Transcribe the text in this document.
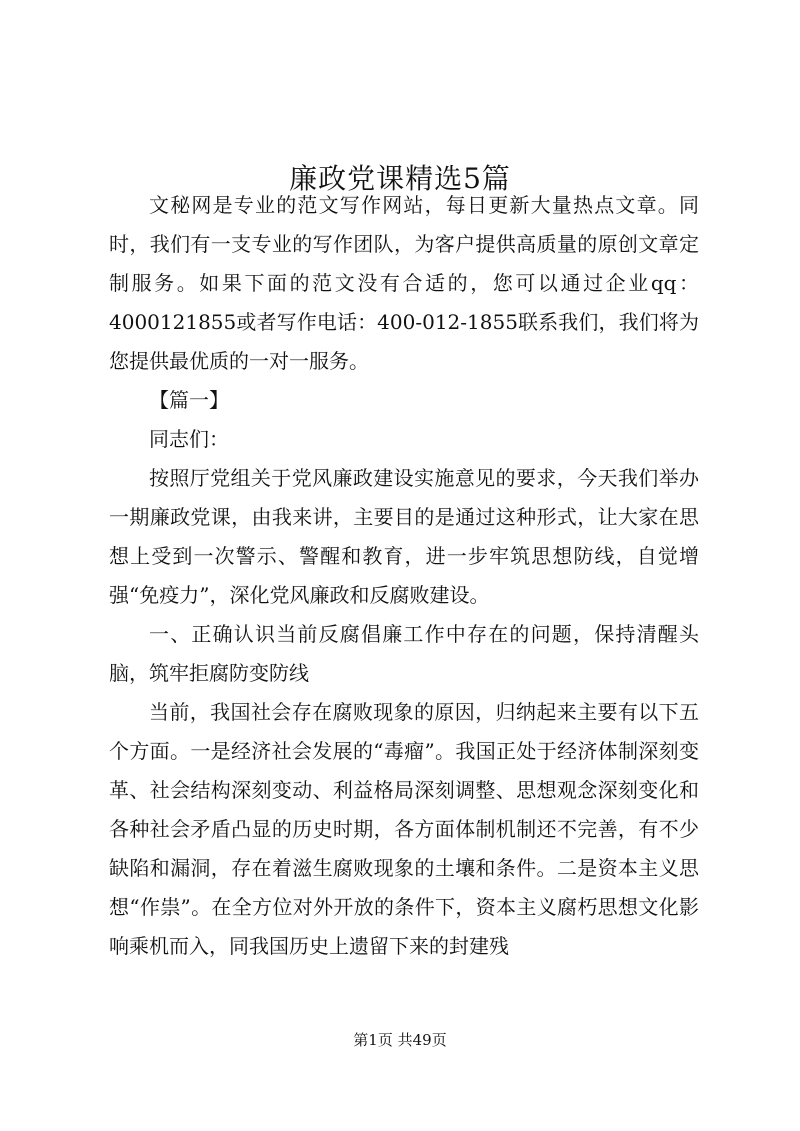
廉政党课精选5篇

文秘网是专业的范文写作网站，每日更新大量热点文章。同时，我们有一支专业的写作团队，为客户提供高质量的原创文章定制服务。如果下面的范文没有合适的，您可以通过企业qq：4000121855或者写作电话：400-012-1855联系我们，我们将为您提供最优质的一对一服务。

【篇一】

同志们：

按照厅党组关于党风廉政建设实施意见的要求，今天我们举办一期廉政党课，由我来讲，主要目的是通过这种形式，让大家在思想上受到一次警示、警醒和教育，进一步牢筑思想防线，自觉增强“免疫力”，深化党风廉政和反腐败建设。

一、正确认识当前反腐倡廉工作中存在的问题，保持清醒头脑，筑牢拒腐防变防线

当前，我国社会存在腐败现象的原因，归纳起来主要有以下五个方面。一是经济社会发展的“毒瘤”。我国正处于经济体制深刻变革、社会结构深刻变动、利益格局深刻调整、思想观念深刻变化和各种社会矛盾凸显的历史时期，各方面体制机制还不完善，有不少缺陷和漏洞，存在着滋生腐败现象的土壤和条件。二是资本主义思想“作祟”。在全方位对外开放的条件下，资本主义腐朽思想文化影响乘机而入，同我国历史上遗留下来的封建残

第1页 共49页
